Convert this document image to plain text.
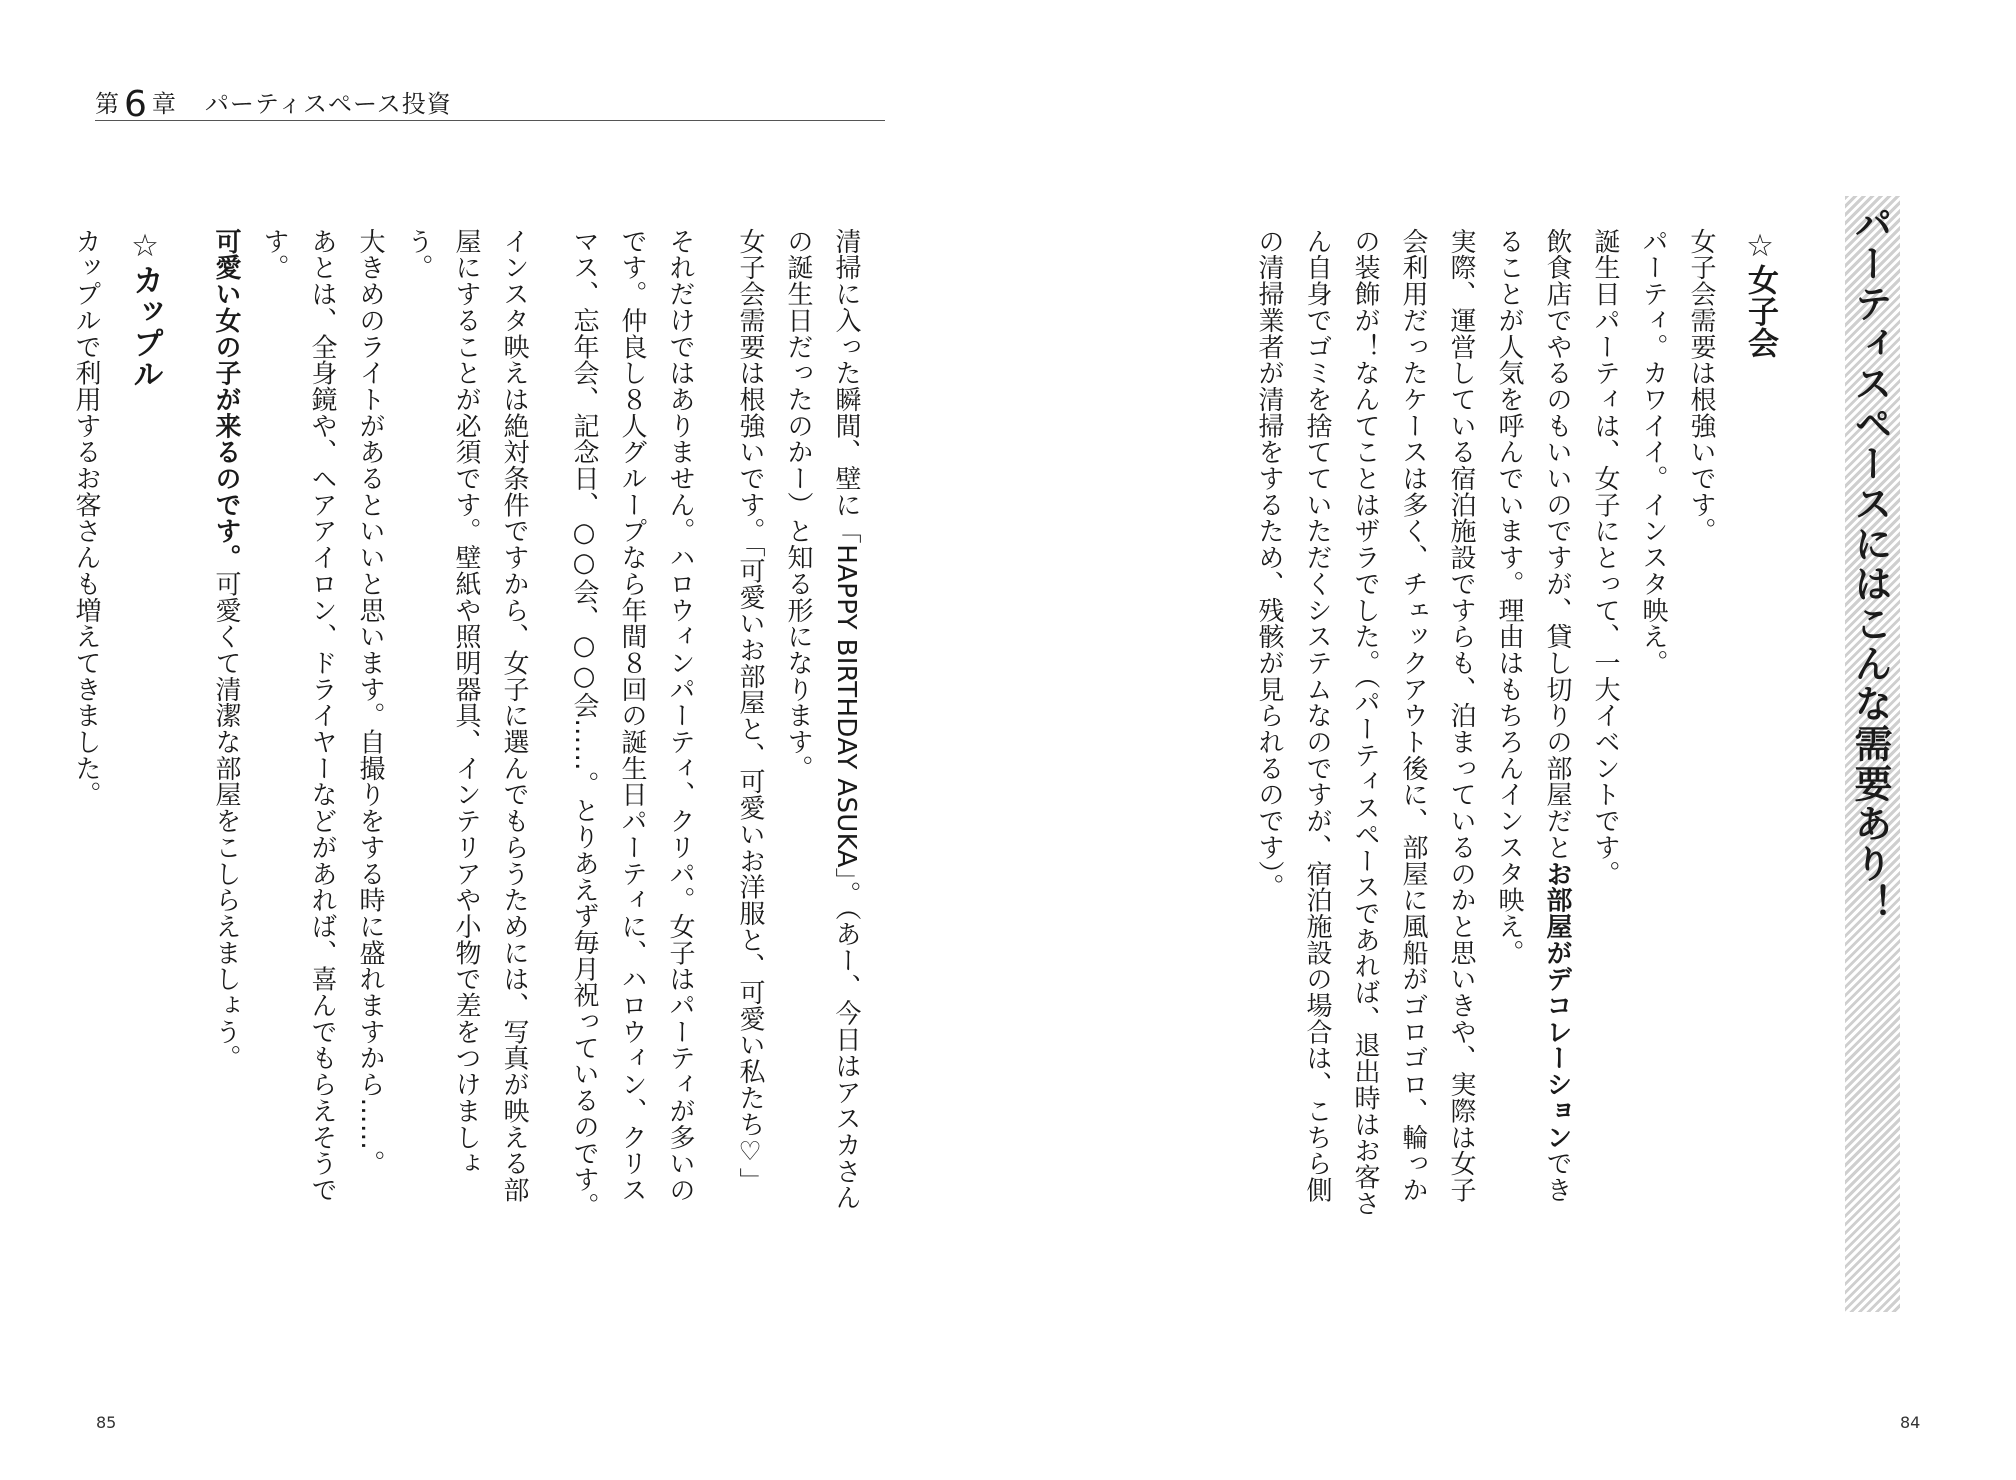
第 6 章 パーティスペース投資
パーティスペースにはこんな需要あり！

☆女子会

女子会需要は根強いです。

パーティ。カワイイ。インスタ映え。

誕生日パーティは、女子にとって、一大イベントです。

飲食店でやるのもいいのですが、貸し切りの部屋だとお部屋がデコレーションできることが人気を呼んでいます。理由はもちろんインスタ映え。

実際、運営している宿泊施設ですらも、泊まっているのかと思いきや、実際は女子会利用だったケースは多く、チェックアウト後に、部屋に風船がゴロゴロ、輪っかの装飾が！なんてことはザラでした。（パーティスペースであれば、退出時はお客さん自身でゴミを捨てていただくシステムなのですが、宿泊施設の場合は、こちら側の清掃業者が清掃をするため、残骸が見られるのです）。

清掃に入った瞬間、壁に「HAPPY BIRTHDAY ASUKA」。（あー、今日はアスカさんの誕生日だったのかー）と知る形になります。

女子会需要は根強いです。「可愛いお部屋と、可愛いお洋服と、可愛い私たち♡」

それだけではありません。ハロウィンパーティ、クリパ。女子はパーティが多いのです。仲良し８人グループなら年間８回の誕生日パーティに、ハロウィン、クリスマス、忘年会、記念日、○○会、○○会……。とりあえず毎月祝っているのです。

インスタ映えは絶対条件ですから、女子に選んでもらうためには、写真が映える部屋にすることが必須です。壁紙や照明器具、インテリアや小物で差をつけましょう。

大きめのライトがあるといいと思います。自撮りをする時に盛れますから……。

あとは、全身鏡や、ヘアアイロン、ドライヤーなどがあれば、喜んでもらえそうです。

可愛い女の子が来るのです。可愛くて清潔な部屋をこしらえましょう。

☆カップル

カップルで利用するお客さんも増えてきました。

85	84
